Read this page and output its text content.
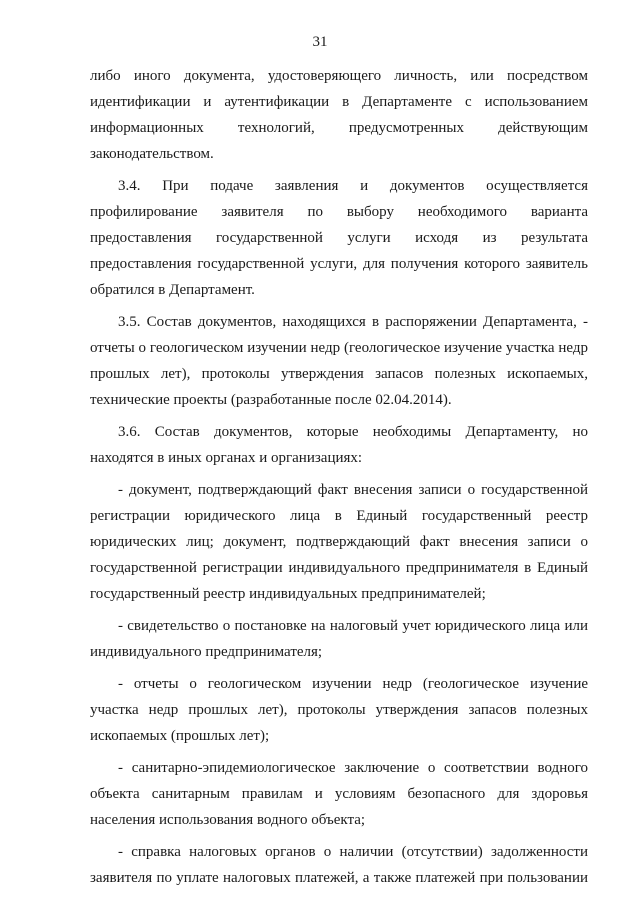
31

либо иного документа, удостоверяющего личность, или посредством идентификации и аутентификации в Департаменте с использованием информационных технологий, предусмотренных действующим законодательством.

3.4. При подаче заявления и документов осуществляется профилирование заявителя по выбору необходимого варианта предоставления государственной услуги исходя из результата предоставления государственной услуги, для получения которого заявитель обратился в Департамент.

3.5. Состав документов, находящихся в распоряжении Департамента, - отчеты о геологическом изучении недр (геологическое изучение участка недр прошлых лет), протоколы утверждения запасов полезных ископаемых, технические проекты (разработанные после 02.04.2014).

3.6. Состав документов, которые необходимы Департаменту, но находятся в иных органах и организациях:

- документ, подтверждающий факт внесения записи о государственной регистрации юридического лица в Единый государственный реестр юридических лиц; документ, подтверждающий факт внесения записи о государственной регистрации индивидуального предпринимателя в Единый государственный реестр индивидуальных предпринимателей;

- свидетельство о постановке на налоговый учет юридического лица или индивидуального предпринимателя;

- отчеты о геологическом изучении недр (геологическое изучение участка недр прошлых лет), протоколы утверждения запасов полезных ископаемых (прошлых лет);

- санитарно-эпидемиологическое заключение о соответствии водного объекта санитарным правилам и условиям безопасного для здоровья населения использования водного объекта;

- справка налоговых органов о наличии (отсутствии) задолженности заявителя по уплате налоговых платежей, а также платежей при пользовании
